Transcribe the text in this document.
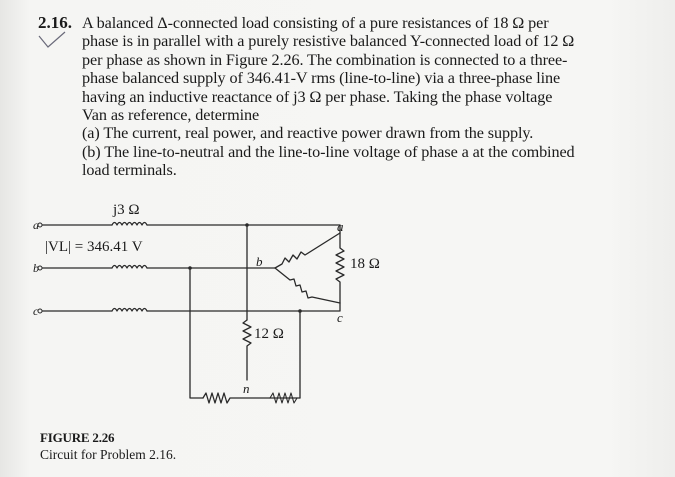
2.16. A balanced Δ-connected load consisting of a pure resistances of 18 Ω per
phase is in parallel with a purely resistive balanced Y-connected load of 12 Ω
per phase as shown in Figure 2.26. The combination is connected to a three-
phase balanced supply of 346.41-V rms (line-to-line) via a three-phase line
having an inductive reactance of j3 Ω per phase. Taking the phase voltage
Van as reference, determine
(a) The current, real power, and reactive power drawn from the supply.
(b) The line-to-neutral and the line-to-line voltage of phase a at the combined
load terminals.
a
b
c
j3 Ω
|VL| = 346.41 V
a
b
c
18 Ω
12 Ω
n
FIGURE 2.26
Circuit for Problem 2.16.
